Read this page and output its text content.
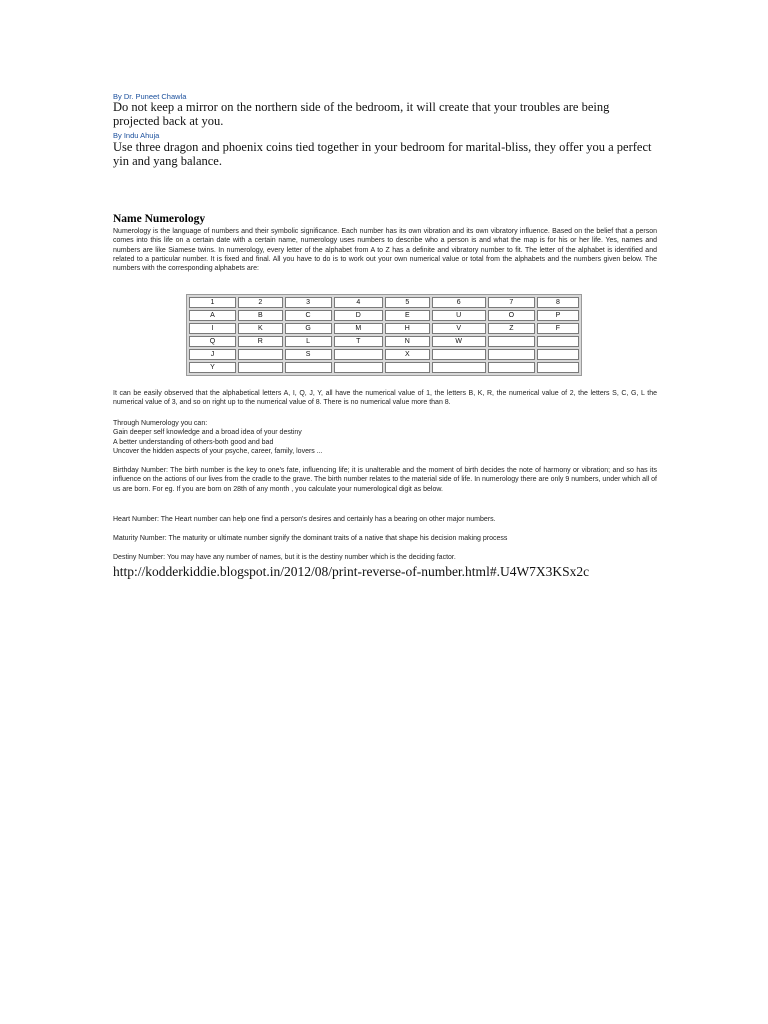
By Dr. Puneet Chawla
Do not keep a mirror on the northern side of the bedroom, it will create that your troubles are being projected back at you.
By Indu Ahuja
Use three dragon and phoenix coins tied together in your bedroom for marital-bliss, they offer you a perfect yin and yang balance.
Name Numerology
Numerology is the language of numbers and their symbolic significance. Each number has its own vibration and its own vibratory influence. Based on the belief that a person comes into this life on a certain date with a certain name, numerology uses numbers to describe who a person is and what the map is for his or her life. Yes, names and numbers are like Siamese twins. In numerology, every letter of the alphabet from A to Z has a definite and vibratory number to fit. The letter of the alphabet is identified and related to a particular number. It is fixed and final. All you have to do is to work out your own numerical value or total from the alphabets and the numbers given below. The numbers with the corresponding alphabets are:
1	2	3	4	5	6	7	8
A	B	C	D	E	U	O	P
I	K	G	M	H	V	Z	F
Q	R	L	T	N	W		
J		S		X			
Y							
It can be easily observed that the alphabetical letters A, I, Q, J, Y, all have the numerical value of 1, the letters B, K, R, the numerical value of 2, the letters S, C, G, L the numerical value of 3, and so on right up to the numerical value of 8. There is no numerical value more than 8.

Through Numerology you can:

Gain deeper self knowledge and a broad idea of your destiny

A better understanding of others-both good and bad

Uncover the hidden aspects of your psyche, career, family, lovers ...

Birthday Number: The birth number is the key to one's fate, influencing life; it is unalterable and the moment of birth decides the note of harmony or vibration; and so has its influence on the actions of our lives from the cradle to the grave. The birth number relates to the material side of life. In numerology there are only 9 numbers, under which all of us are born. For eg. If you are born on 28th of any month , you calculate your numerological digit as below.
Heart Number: The Heart number can help one find a person's desires and certainly has a bearing on other major numbers.
Maturity Number: The maturity or ultimate number signify the dominant traits of a native that shape his decision making process
Destiny Number: You may have any number of names, but it is the destiny number which is the deciding factor.
http://kodderkiddie.blogspot.in/2012/08/print-reverse-of-number.html#.U4W7X3KSx2c
